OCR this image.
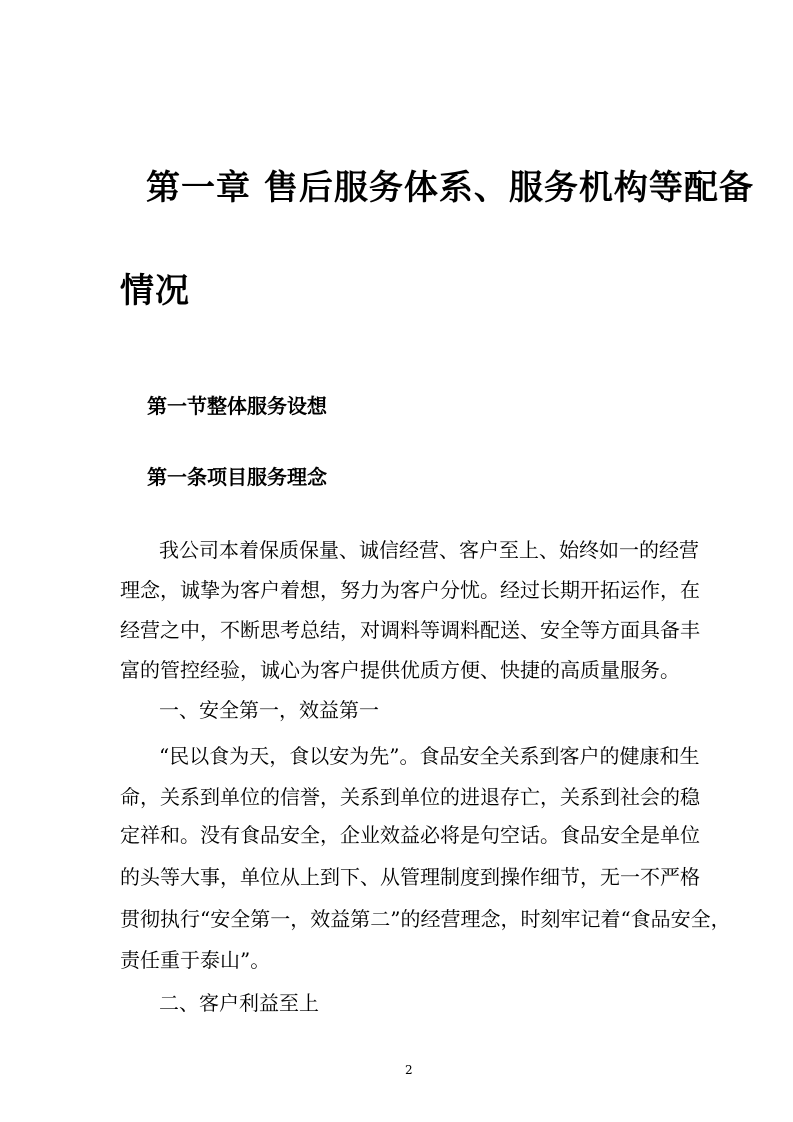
第一章 售后服务体系、服务机构等配备
情况
第一节整体服务设想
第一条项目服务理念
我公司本着保质保量、诚信经营、客户至上、始终如一的经营
理念，诚挚为客户着想，努力为客户分忧。经过长期开拓运作，在
经营之中，不断思考总结，对调料等调料配送、安全等方面具备丰
富的管控经验，诚心为客户提供优质方便、快捷的高质量服务。
一、安全第一，效益第一
“民以食为天，食以安为先”。食品安全关系到客户的健康和生
命，关系到单位的信誉，关系到单位的进退存亡，关系到社会的稳
定祥和。没有食品安全，企业效益必将是句空话。食品安全是单位
的头等大事，单位从上到下、从管理制度到操作细节，无一不严格
贯彻执行“安全第一，效益第二”的经营理念，时刻牢记着“食品安全，
责任重于泰山”。
二、客户利益至上
2
